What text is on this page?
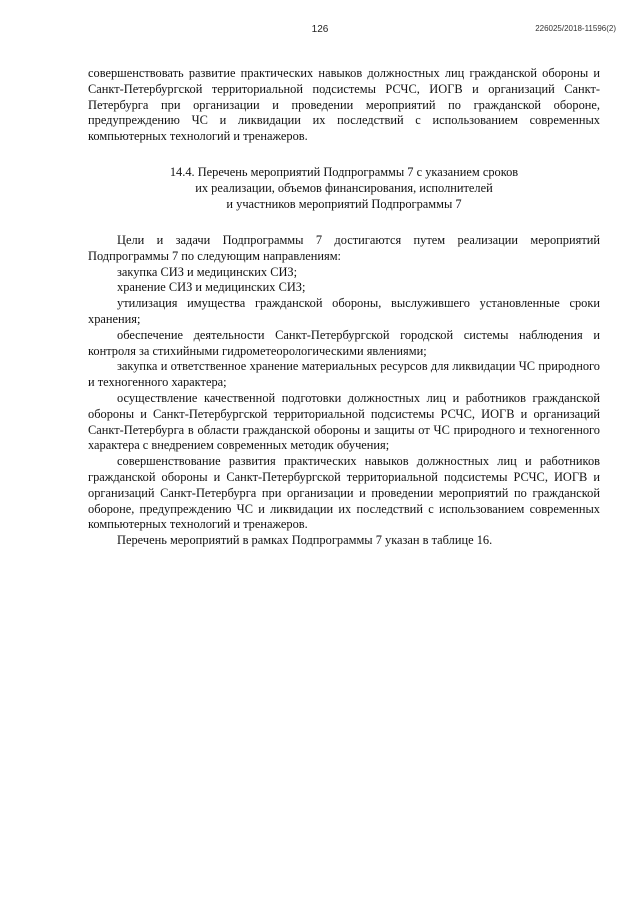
126	226025/2018-11596(2)

совершенствовать развитие практических навыков должностных лиц гражданской обороны и Санкт-Петербургской территориальной подсистемы РСЧС, ИОГВ и организаций Санкт-Петербурга при организации и проведении мероприятий по гражданской обороне, предупреждению ЧС и ликвидации их последствий с использованием современных компьютерных технологий и тренажеров.

14.4. Перечень мероприятий Подпрограммы 7 с указанием сроков
их реализации, объемов финансирования, исполнителей
и участников мероприятий Подпрограммы 7

Цели и задачи Подпрограммы 7 достигаются путем реализации мероприятий Подпрограммы 7 по следующим направлениям:

закупка СИЗ и медицинских СИЗ;

хранение СИЗ и медицинских СИЗ;

утилизация имущества гражданской обороны, выслужившего установленные сроки хранения;

обеспечение деятельности Санкт-Петербургской городской системы наблюдения и контроля за стихийными гидрометеорологическими явлениями;

закупка и ответственное хранение материальных ресурсов для ликвидации ЧС природного и техногенного характера;

осуществление качественной подготовки должностных лиц и работников гражданской обороны и Санкт-Петербургской территориальной подсистемы РСЧС, ИОГВ и организаций Санкт-Петербурга в области гражданской обороны и защиты от ЧС природного и техногенного характера с внедрением современных методик обучения;

совершенствование развития практических навыков должностных лиц и работников гражданской обороны и Санкт-Петербургской территориальной подсистемы РСЧС, ИОГВ и организаций Санкт-Петербурга при организации и проведении мероприятий по гражданской обороне, предупреждению ЧС и ликвидации их последствий с использованием современных компьютерных технологий и тренажеров.

Перечень мероприятий в рамках Подпрограммы 7 указан в таблице 16.
